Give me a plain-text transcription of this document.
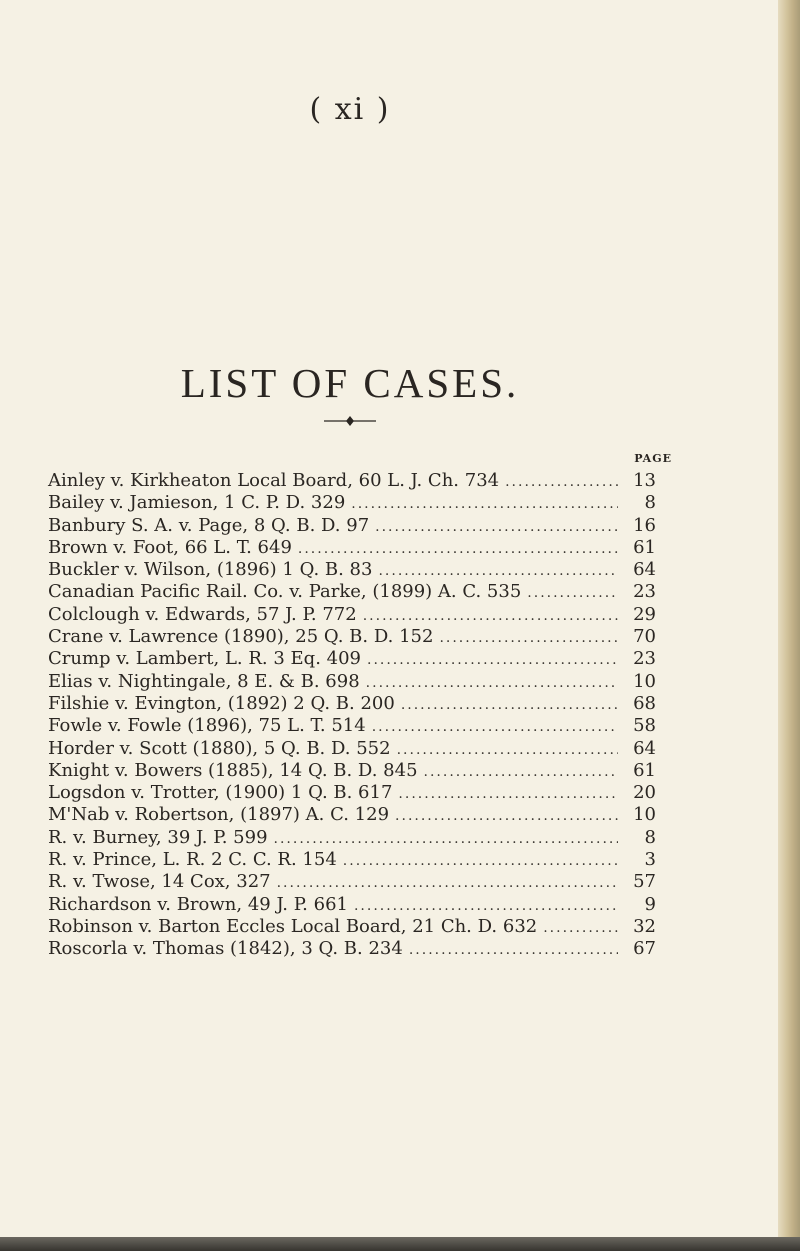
( xi )
LIST OF CASES.
PAGE
Ainley v. Kirkheaton Local Board, 60 L. J. Ch. 734 .....	13
Bailey v. Jamieson, 1 C. P. D. 329 .....	8
Banbury S. A. v. Page, 8 Q. B. D. 97 .....	16
Brown v. Foot, 66 L. T. 649 .....	61
Buckler v. Wilson, (1896) 1 Q. B. 83 .....	64
Canadian Pacific Rail. Co. v. Parke, (1899) A. C. 535 .....	23
Colclough v. Edwards, 57 J. P. 772 .....	29
Crane v. Lawrence (1890), 25 Q. B. D. 152 .....	70
Crump v. Lambert, L. R. 3 Eq. 409 .....	23
Elias v. Nightingale, 8 E. & B. 698 .....	10
Filshie v. Evington, (1892) 2 Q. B. 200 .....	68
Fowle v. Fowle (1896), 75 L. T. 514 .....	58
Horder v. Scott (1880), 5 Q. B. D. 552 .....	64
Knight v. Bowers (1885), 14 Q. B. D. 845 .....	61
Logsdon v. Trotter, (1900) 1 Q. B. 617 .....	20
M'Nab v. Robertson, (1897) A. C. 129 .....	10
R. v. Burney, 39 J. P. 599 .....	8
R. v. Prince, L. R. 2 C. C. R. 154 .....	3
R. v. Twose, 14 Cox, 327 .....	57
Richardson v. Brown, 49 J. P. 661 .....	9
Robinson v. Barton Eccles Local Board, 21 Ch. D. 632 .....	32
Roscorla v. Thomas (1842), 3 Q. B. 234 .....	67
